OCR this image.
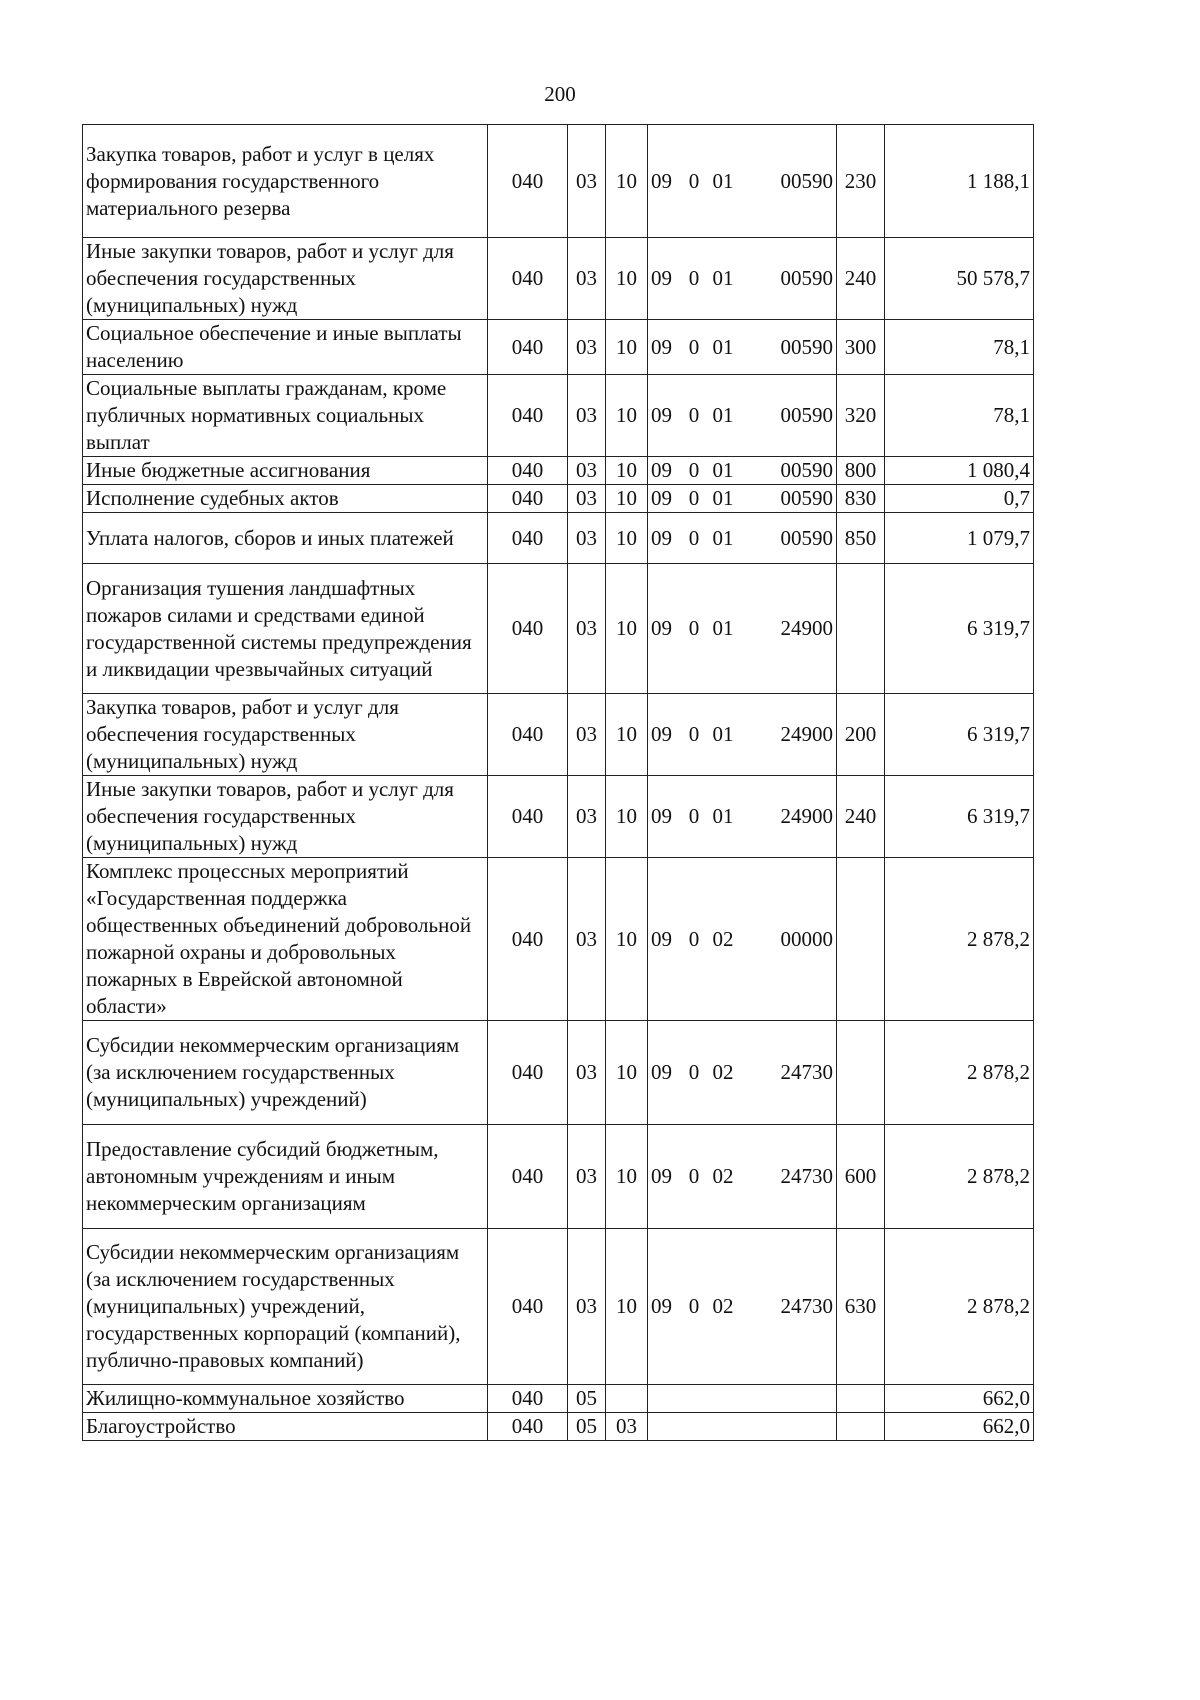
200
Закупка товаров, работ и услуг в целях формирования государственного материального резерва	040	03	10	09 0 01 00590	230	1 188,1
Иные закупки товаров, работ и услуг для обеспечения государственных (муниципальных) нужд	040	03	10	09 0 01 00590	240	50 578,7
Социальное обеспечение и иные выплаты населению	040	03	10	09 0 01 00590	300	78,1
Социальные выплаты гражданам, кроме публичных нормативных социальных выплат	040	03	10	09 0 01 00590	320	78,1
Иные бюджетные ассигнования	040	03	10	09 0 01 00590	800	1 080,4
Исполнение судебных актов	040	03	10	09 0 01 00590	830	0,7
Уплата налогов, сборов и иных платежей	040	03	10	09 0 01 00590	850	1 079,7
Организация тушения ландшафтных пожаров силами и средствами единой государственной системы предупреждения и ликвидации чрезвычайных ситуаций	040	03	10	09 0 01 24900		6 319,7
Закупка товаров, работ и услуг для обеспечения государственных (муниципальных) нужд	040	03	10	09 0 01 24900	200	6 319,7
Иные закупки товаров, работ и услуг для обеспечения государственных (муниципальных) нужд	040	03	10	09 0 01 24900	240	6 319,7
Комплекс процессных мероприятий «Государственная поддержка общественных объединений добровольной пожарной охраны и добровольных пожарных в Еврейской автономной области»	040	03	10	09 0 02 00000		2 878,2
Субсидии некоммерческим организациям (за исключением государственных (муниципальных) учреждений)	040	03	10	09 0 02 24730		2 878,2
Предоставление субсидий бюджетным, автономным учреждениям и иным некоммерческим организациям	040	03	10	09 0 02 24730	600	2 878,2
Субсидии некоммерческим организациям (за исключением государственных (муниципальных) учреждений, государственных корпораций (компаний), публично-правовых компаний)	040	03	10	09 0 02 24730	630	2 878,2
Жилищно-коммунальное хозяйство	040	05				662,0
Благоустройство	040	05	03			662,0
